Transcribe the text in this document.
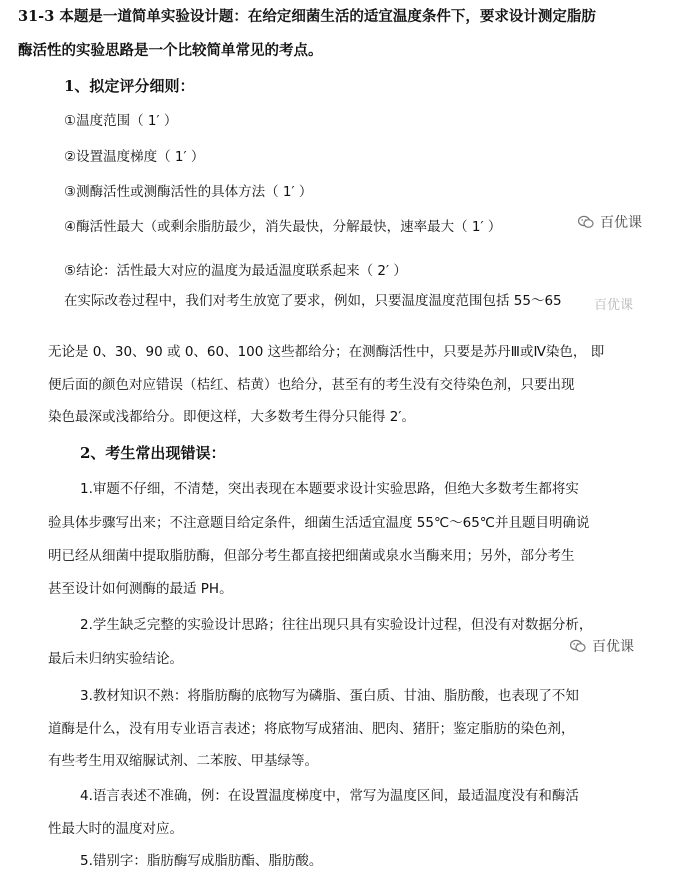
31-3 本题是一道简单实验设计题：在给定细菌生活的适宜温度条件下，要求设计测定脂肪
酶活性的实验思路是一个比较简单常见的考点。
1、拟定评分细则：
①温度范围（ 1′ ）
②设置温度梯度（ 1′ ）
③测酶活性或测酶活性的具体方法（ 1′ ）
④酶活性最大（或剩余脂肪最少，消失最快，分解最快，速率最大（ 1′ ）
⑤结论：活性最大对应的温度为最适温度联系起来（ 2′ ）
百优课
在实际改卷过程中，我们对考生放宽了要求，例如，只要温度温度范围包括 55～65 百优课
无论是 0、30、90 或 0、60、100 这些都给分；在测酶活性中，只要是苏丹Ⅲ或Ⅳ染色， 即
便后面的颜色对应错误（桔红、桔黄）也给分，甚至有的考生没有交待染色剂，只要出现
染色最深或浅都给分。即便这样，大多数考生得分只能得 2′。
2、考生常出现错误：
1.审题不仔细，不清楚，突出表现在本题要求设计实验思路，但绝大多数考生都将实
验具体步骤写出来；不注意题目给定条件，细菌生活适宜温度 55℃～65℃并且题目明确说
明已经从细菌中提取脂肪酶，但部分考生都直接把细菌或泉水当酶来用；另外，部分考生
甚至设计如何测酶的最适 PH。
2.学生缺乏完整的实验设计思路；往往出现只具有实验设计过程，但没有对数据分析，
最后未归纳实验结论。
百优课
3.教材知识不熟：将脂肪酶的底物写为磷脂、蛋白质、甘油、脂肪酸，也表现了不知
道酶是什么，没有用专业语言表述；将底物写成猪油、肥肉、猪肝；鉴定脂肪的染色剂，
有些考生用双缩脲试剂、二苯胺、甲基绿等。
4.语言表述不准确，例：在设置温度梯度中，常写为温度区间，最适温度没有和酶活
性最大时的温度对应。
5.错别字：脂肪酶写成脂肪酯、脂肪酸。
